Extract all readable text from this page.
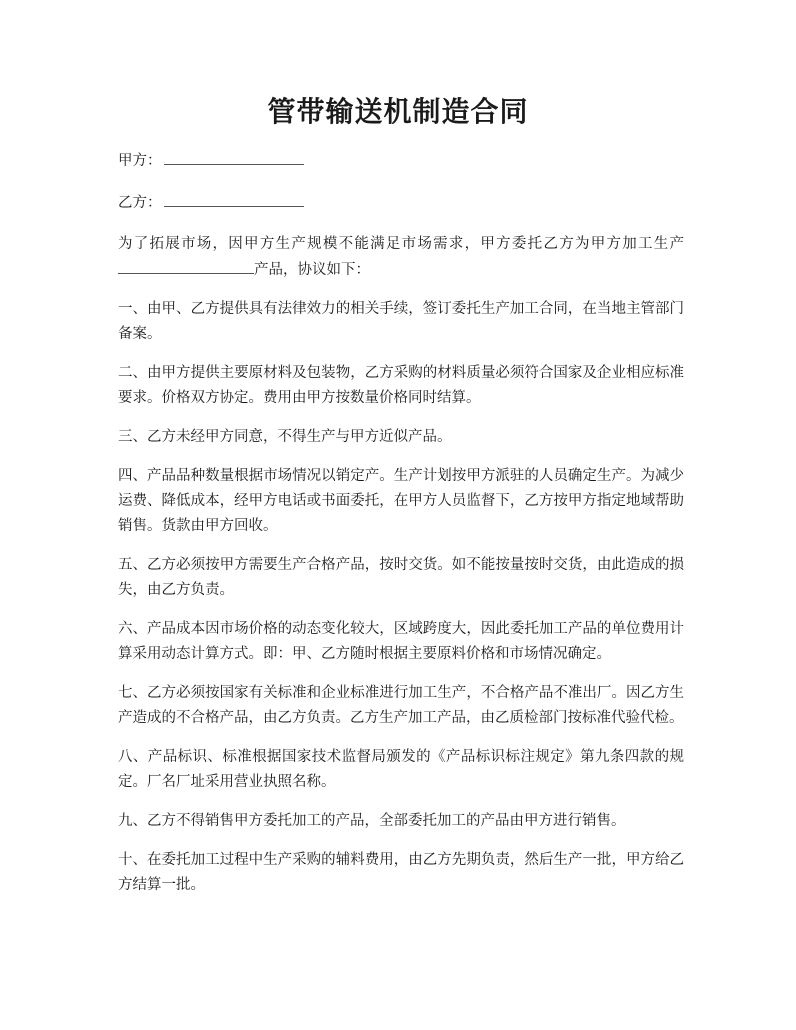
管带输送机制造合同

甲方：

乙方：

为了拓展市场，因甲方生产规模不能满足市场需求，甲方委托乙方为甲方加工生产产品，协议如下：

一、由甲、乙方提供具有法律效力的相关手续，签订委托生产加工合同，在当地主管部门备案。

二、由甲方提供主要原材料及包装物，乙方采购的材料质量必须符合国家及企业相应标准要求。价格双方协定。费用由甲方按数量价格同时结算。

三、乙方未经甲方同意，不得生产与甲方近似产品。

四、产品品种数量根据市场情况以销定产。生产计划按甲方派驻的人员确定生产。为减少运费、降低成本，经甲方电话或书面委托，在甲方人员监督下，乙方按甲方指定地域帮助销售。货款由甲方回收。

五、乙方必须按甲方需要生产合格产品，按时交货。如不能按量按时交货，由此造成的损失，由乙方负责。

六、产品成本因市场价格的动态变化较大，区域跨度大，因此委托加工产品的单位费用计算采用动态计算方式。即：甲、乙方随时根据主要原料价格和市场情况确定。

七、乙方必须按国家有关标准和企业标准进行加工生产，不合格产品不准出厂。因乙方生产造成的不合格产品，由乙方负责。乙方生产加工产品，由乙质检部门按标准代验代检。

八、产品标识、标准根据国家技术监督局颁发的《产品标识标注规定》第九条四款的规定。厂名厂址采用营业执照名称。

九、乙方不得销售甲方委托加工的产品，全部委托加工的产品由甲方进行销售。

十、在委托加工过程中生产采购的辅料费用，由乙方先期负责，然后生产一批，甲方给乙方结算一批。
